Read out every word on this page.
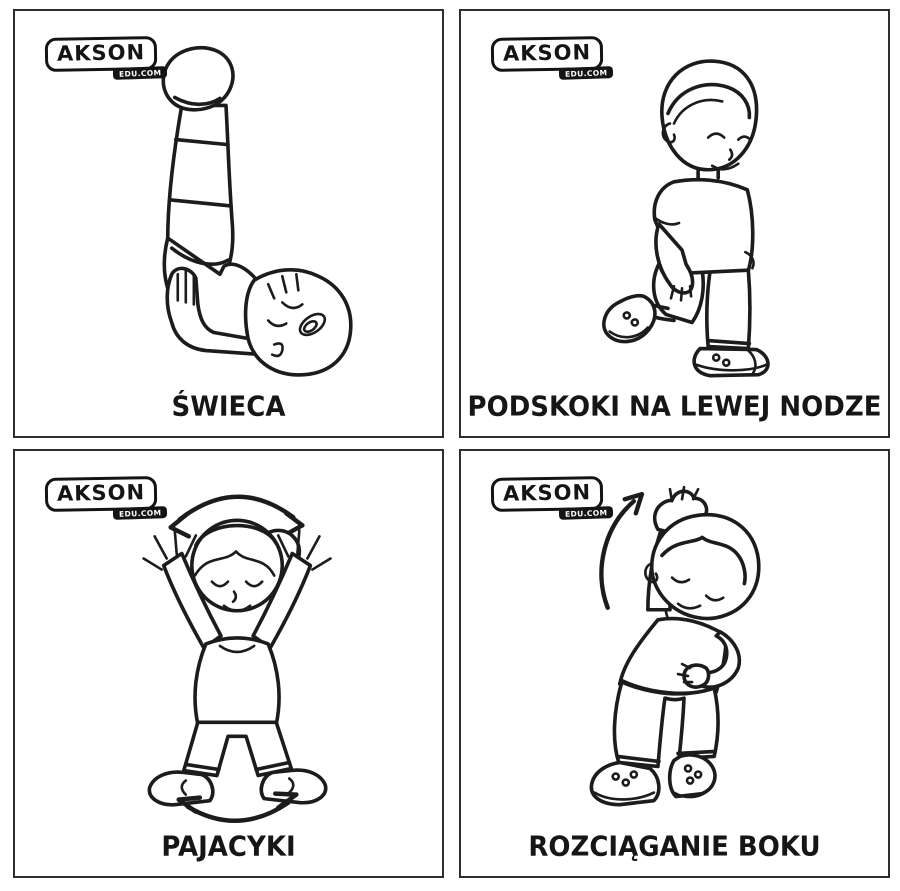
AKSON
EDU.COM
ŚWIECA
AKSON
EDU.COM
PODSKOKI NA LEWEJ NODZE
AKSON
EDU.COM
PAJACYKI
AKSON
EDU.COM
ROZCIĄGANIE BOKU
